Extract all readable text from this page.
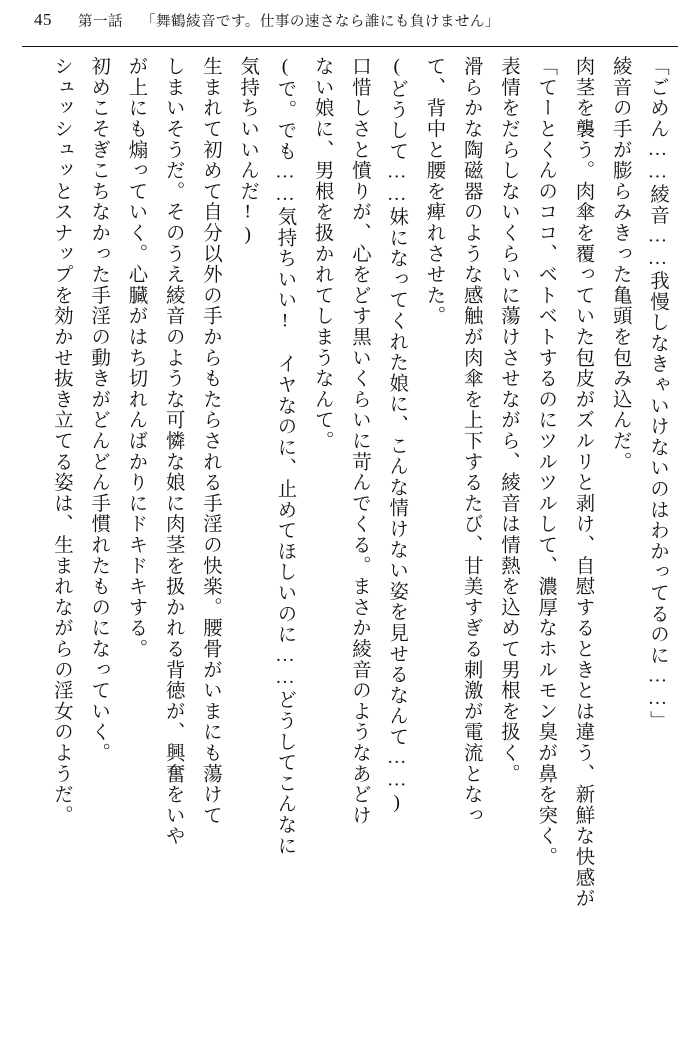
45 第一話 「舞鶴綾音です。仕事の速さなら誰にも負けません」

「ごめん……綾音……我慢しなきゃいけないのはわかってるのに……」

綾音の手が膨らみきった亀頭を包み込んだ。

肉茎を襲う。肉傘を覆っていた包皮がズルリと剥け、自慰するときとは違う、新鮮な快感が

「てーとくんのココ、ベトベトするのにツルツルして、濃厚なホルモン臭が鼻を突く。

表情をだらしないくらいに蕩けさせながら、綾音は情熱を込めて男根を扱く。

滑らかな陶磁器のような感触が肉傘を上下するたび、甘美すぎる刺激が電流となっ

て、背中と腰を痺れさせた。

(どうして……妹になってくれた娘に、こんな情けない姿を見せるなんて……)

口惜しさと憤りが、心をどす黒いくらいに苛んでくる。まさか綾音のようなあどけ

ない娘に、男根を扱かれてしまうなんて。

(で。でも……気持ちいい!　イヤなのに、止めてほしいのに……どうしてこんなに

気持ちいいんだ!)

生まれて初めて自分以外の手からもたらされる手淫の快楽。腰骨がいまにも蕩けて

しまいそうだ。そのうえ綾音のような可憐な娘に肉茎を扱かれる背徳が、興奮をいや

が上にも煽っていく。心臓がはち切れんばかりにドキドキする。

初めこそぎこちなかった手淫の動きがどんどん手慣れたものになっていく。

シュッシュッとスナップを効かせ抜き立てる姿は、生まれながらの淫女のようだ。
